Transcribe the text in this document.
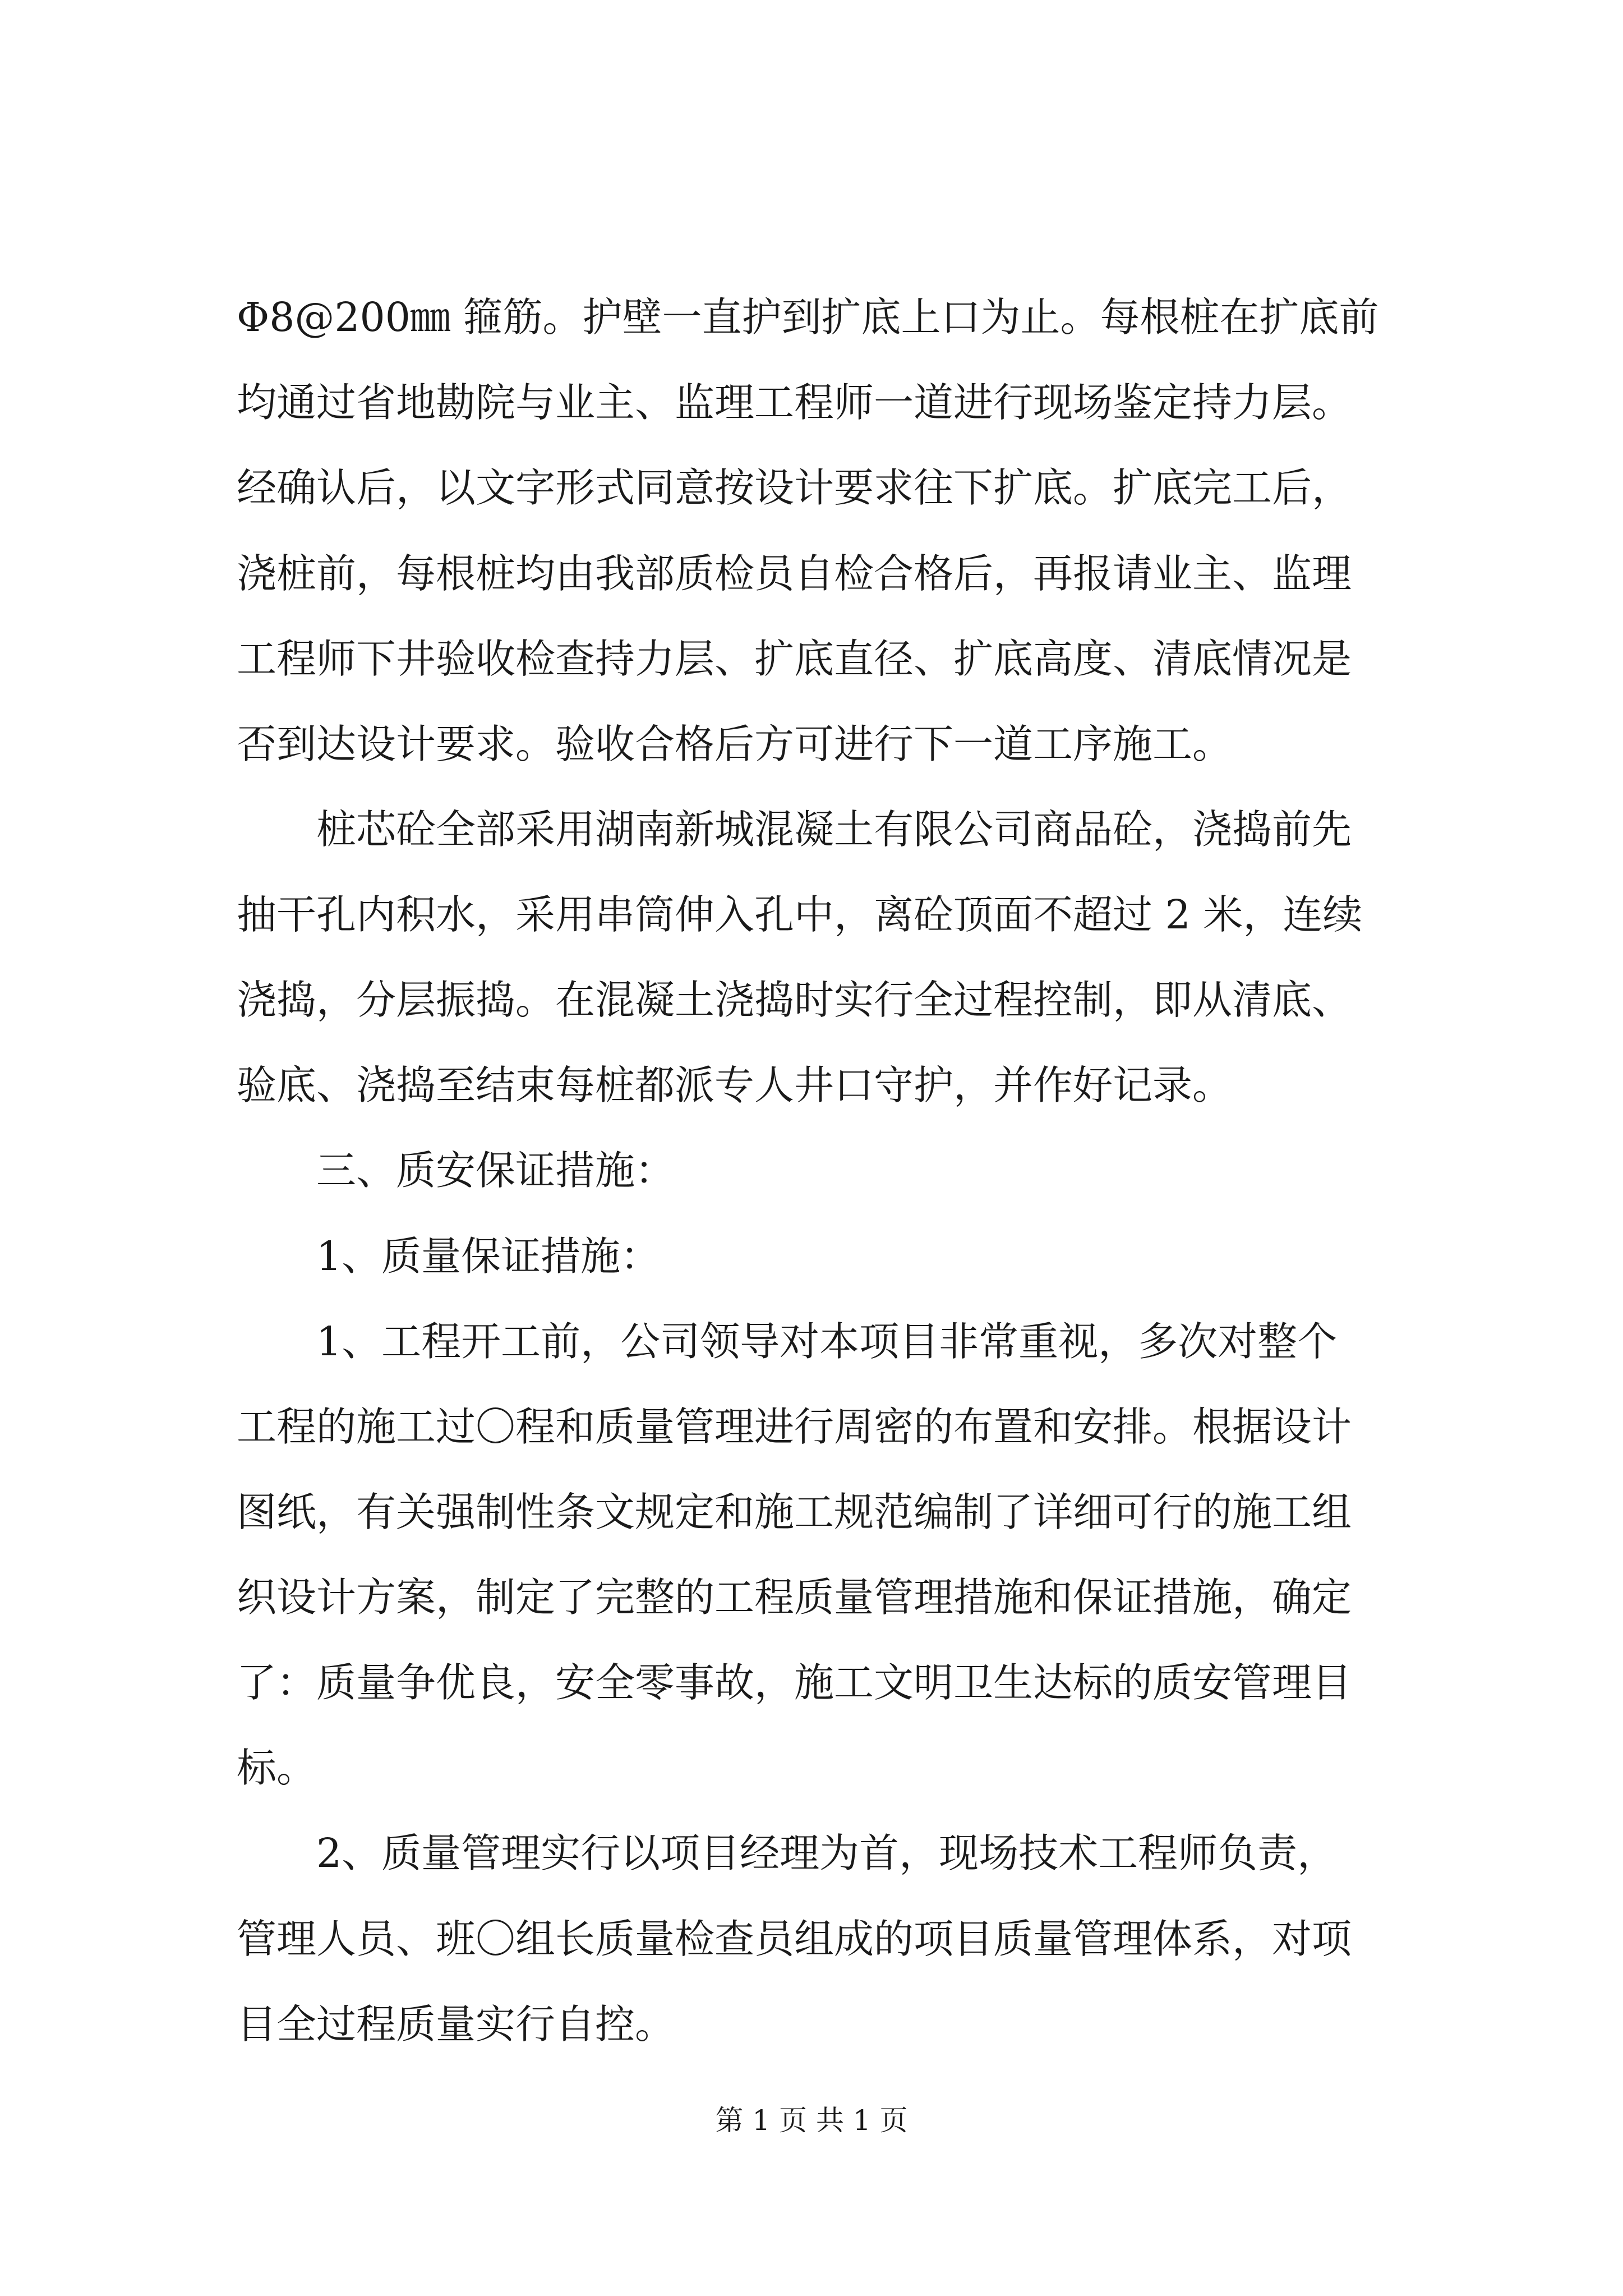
Φ8@200㎜ 箍筋。护壁一直护到扩底上口为止。每根桩在扩底前
均通过省地勘院与业主、监理工程师一道进行现场鉴定持力层。
经确认后，以文字形式同意按设计要求往下扩底。扩底完工后，
浇桩前，每根桩均由我部质检员自检合格后，再报请业主、监理
工程师下井验收检查持力层、扩底直径、扩底高度、清底情况是
否到达设计要求。验收合格后方可进行下一道工序施工。
桩芯砼全部采用湖南新城混凝土有限公司商品砼，浇捣前先
抽干孔内积水，采用串筒伸入孔中，离砼顶面不超过 2 米，连续
浇捣，分层振捣。在混凝土浇捣时实行全过程控制，即从清底、
验底、浇捣至结束每桩都派专人井口守护，并作好记录。
三、质安保证措施：
1、质量保证措施：
1、工程开工前，公司领导对本项目非常重视，多次对整个
工程的施工过〇程和质量管理进行周密的布置和安排。根据设计
图纸，有关强制性条文规定和施工规范编制了详细可行的施工组
织设计方案，制定了完整的工程质量管理措施和保证措施，确定
了：质量争优良，安全零事故，施工文明卫生达标的质安管理目
标。
2、质量管理实行以项目经理为首，现场技术工程师负责，
管理人员、班〇组长质量检查员组成的项目质量管理体系，对项
目全过程质量实行自控。
第 1 页 共 1 页
